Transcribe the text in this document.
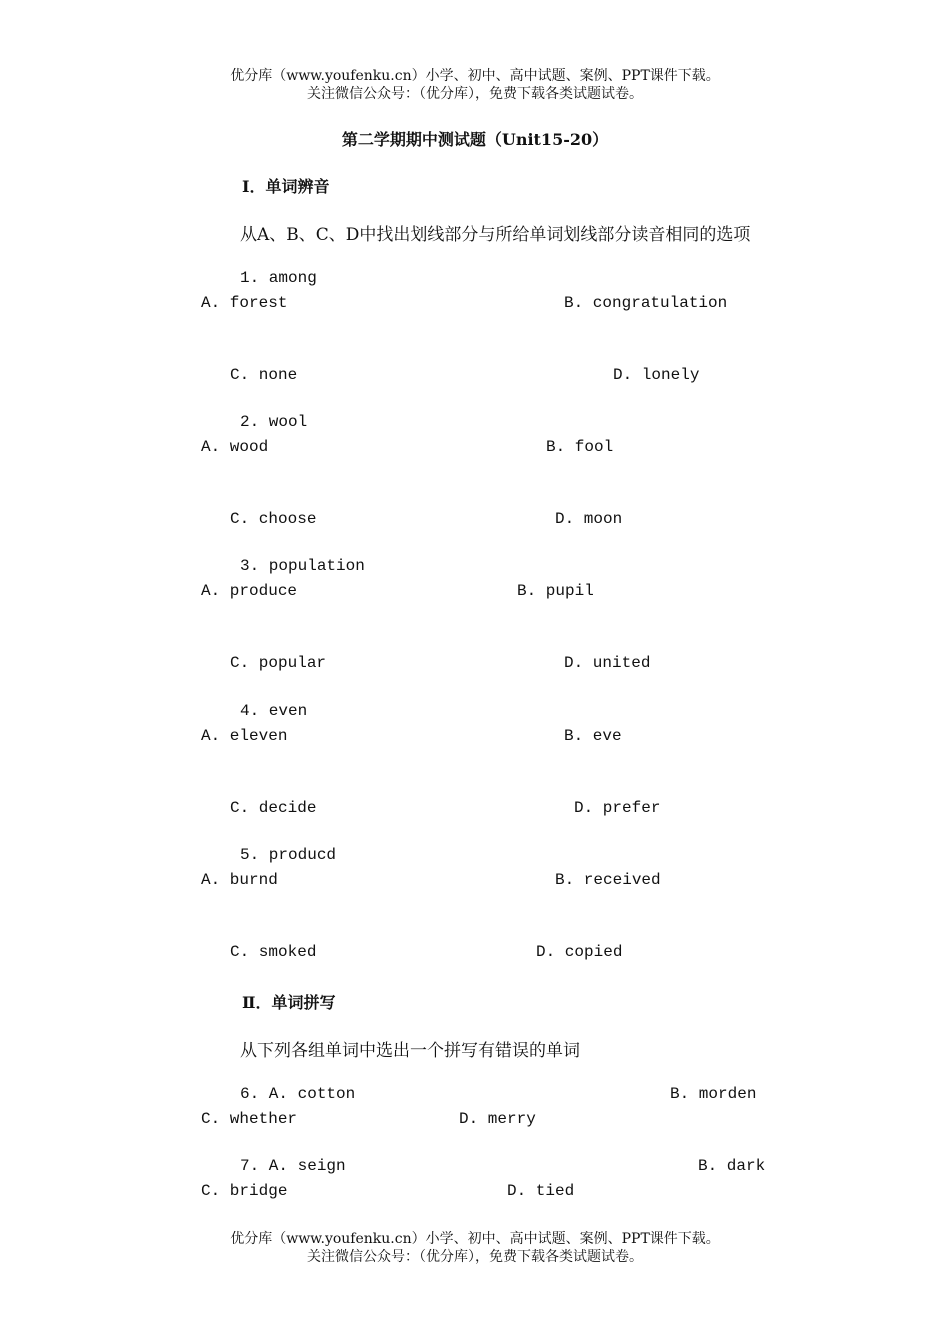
优分库（www.youfenku.cn）小学、初中、高中试题、案例、PPT课件下载。
关注微信公众号：（优分库），免费下载各类试题试卷。
第二学期期中测试题（Unit15-20）
Ⅰ．单词辨音
从A、B、C、D中找出划线部分与所给单词划线部分读音相同的选项
1. among
A. forest	B. congratulation
C. none	D. lonely
2. wool
A. wood	B. fool
C. choose	D. moon
3. population
A. produce	B. pupil
C. popular	D. united
4. even
A. eleven	B. eve
C. decide	D. prefer
5. producd
A. burnd	B. received
C. smoked	D. copied
Ⅱ．单词拼写
从下列各组单词中选出一个拼写有错误的单词
6. A. cotton	B. morden
C. whether	D. merry
7. A. seign	B. dark
C. bridge	D. tied
优分库（www.youfenku.cn）小学、初中、高中试题、案例、PPT课件下载。
关注微信公众号：（优分库），免费下载各类试题试卷。
